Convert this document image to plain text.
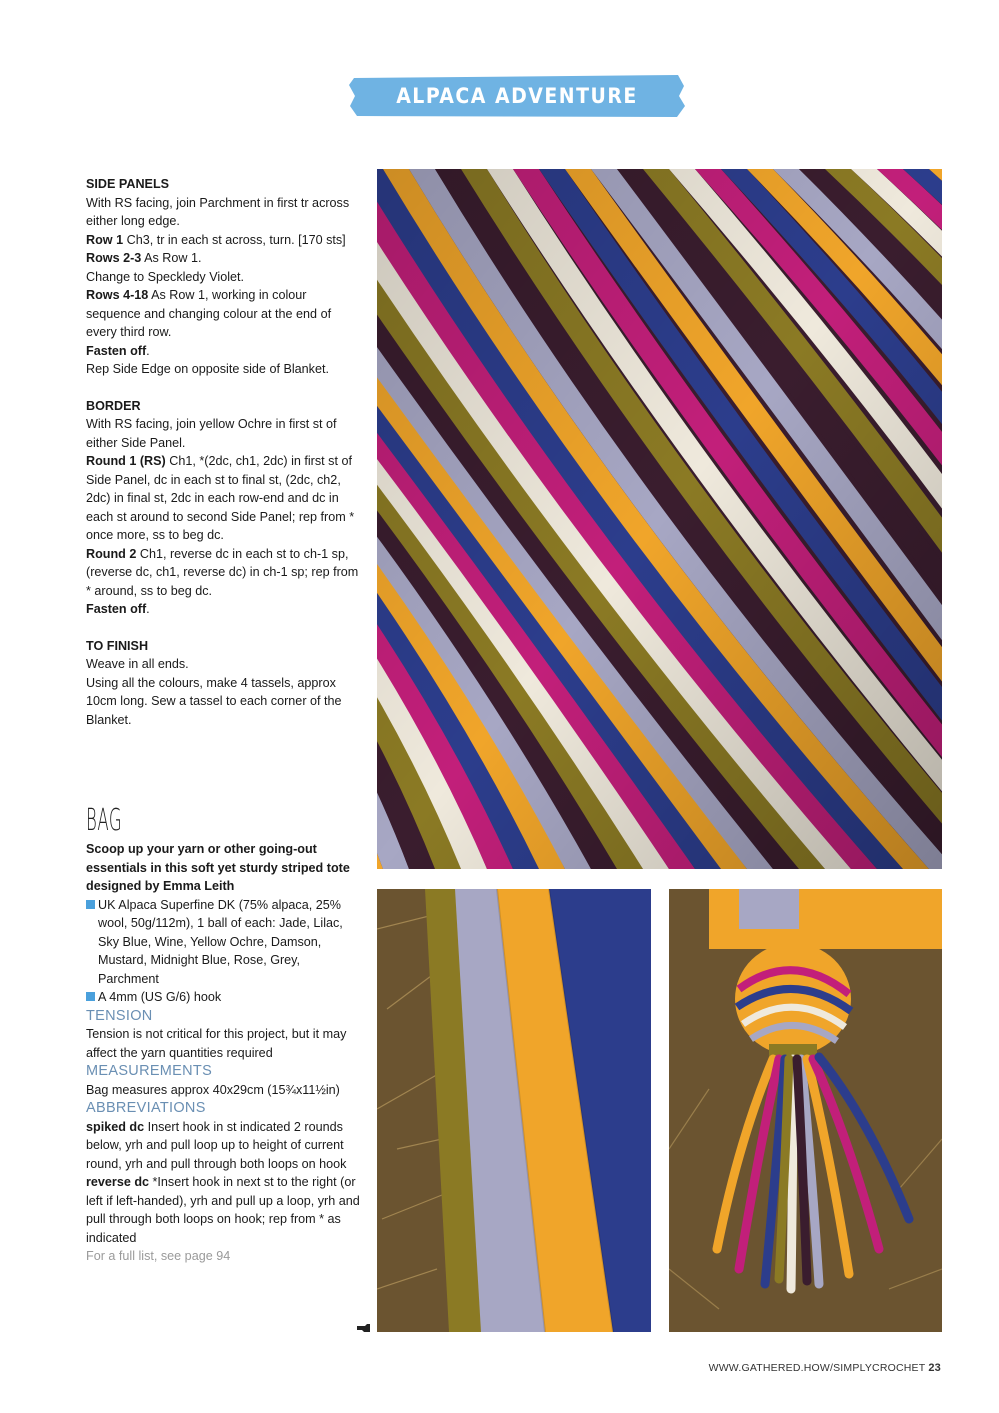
ALPACA ADVENTURE COLLECTION

SIDE PANELS

With RS facing, join Parchment in first tr across either long edge.

Row 1 Ch3, tr in each st across, turn. [170 sts]

Rows 2-3 As Row 1.

Change to Speckledy Violet.

Rows 4-18 As Row 1, working in colour sequence and changing colour at the end of every third row.

Fasten off.

Rep Side Edge on opposite side of Blanket.

BORDER

With RS facing, join yellow Ochre in first st of either Side Panel.

Round 1 (RS) Ch1, *(2dc, ch1, 2dc) in first st of Side Panel, dc in each st to final st, (2dc, ch2, 2dc) in final st, 2dc in each row-end and dc in each st around to second Side Panel; rep from * once more, ss to beg dc.

Round 2 Ch1, reverse dc in each st to ch-1 sp, (reverse dc, ch1, reverse dc) in ch-1 sp; rep from * around, ss to beg dc.

Fasten off.

TO FINISH

Weave in all ends.

Using all the colours, make 4 tassels, approx 10cm long. Sew a tassel to each corner of the Blanket.

BAG

Scoop up your yarn or other going-out essentials in this soft yet sturdy striped tote designed by Emma Leith

UK Alpaca Superfine DK (75% alpaca, 25% wool, 50g/112m), 1 ball of each: Jade, Lilac, Sky Blue, Wine, Yellow Ochre, Damson, Mustard, Midnight Blue, Rose, Grey, Parchment

A 4mm (US G/6) hook

TENSION

Tension is not critical for this project, but it may affect the yarn quantities required

MEASUREMENTS

Bag measures approx 40x29cm (15¾x11½in)

ABBREVIATIONS

spiked dc Insert hook in st indicated 2 rounds below, yrh and pull loop up to height of current round, yrh and pull through both loops on hook

reverse dc *Insert hook in next st to the right (or left if left-handed), yrh and pull up a loop, yrh and pull through both loops on hook; rep from * as indicated

For a full list, see page 94

WWW.GATHERED.HOW/SIMPLYCROCHET 23
